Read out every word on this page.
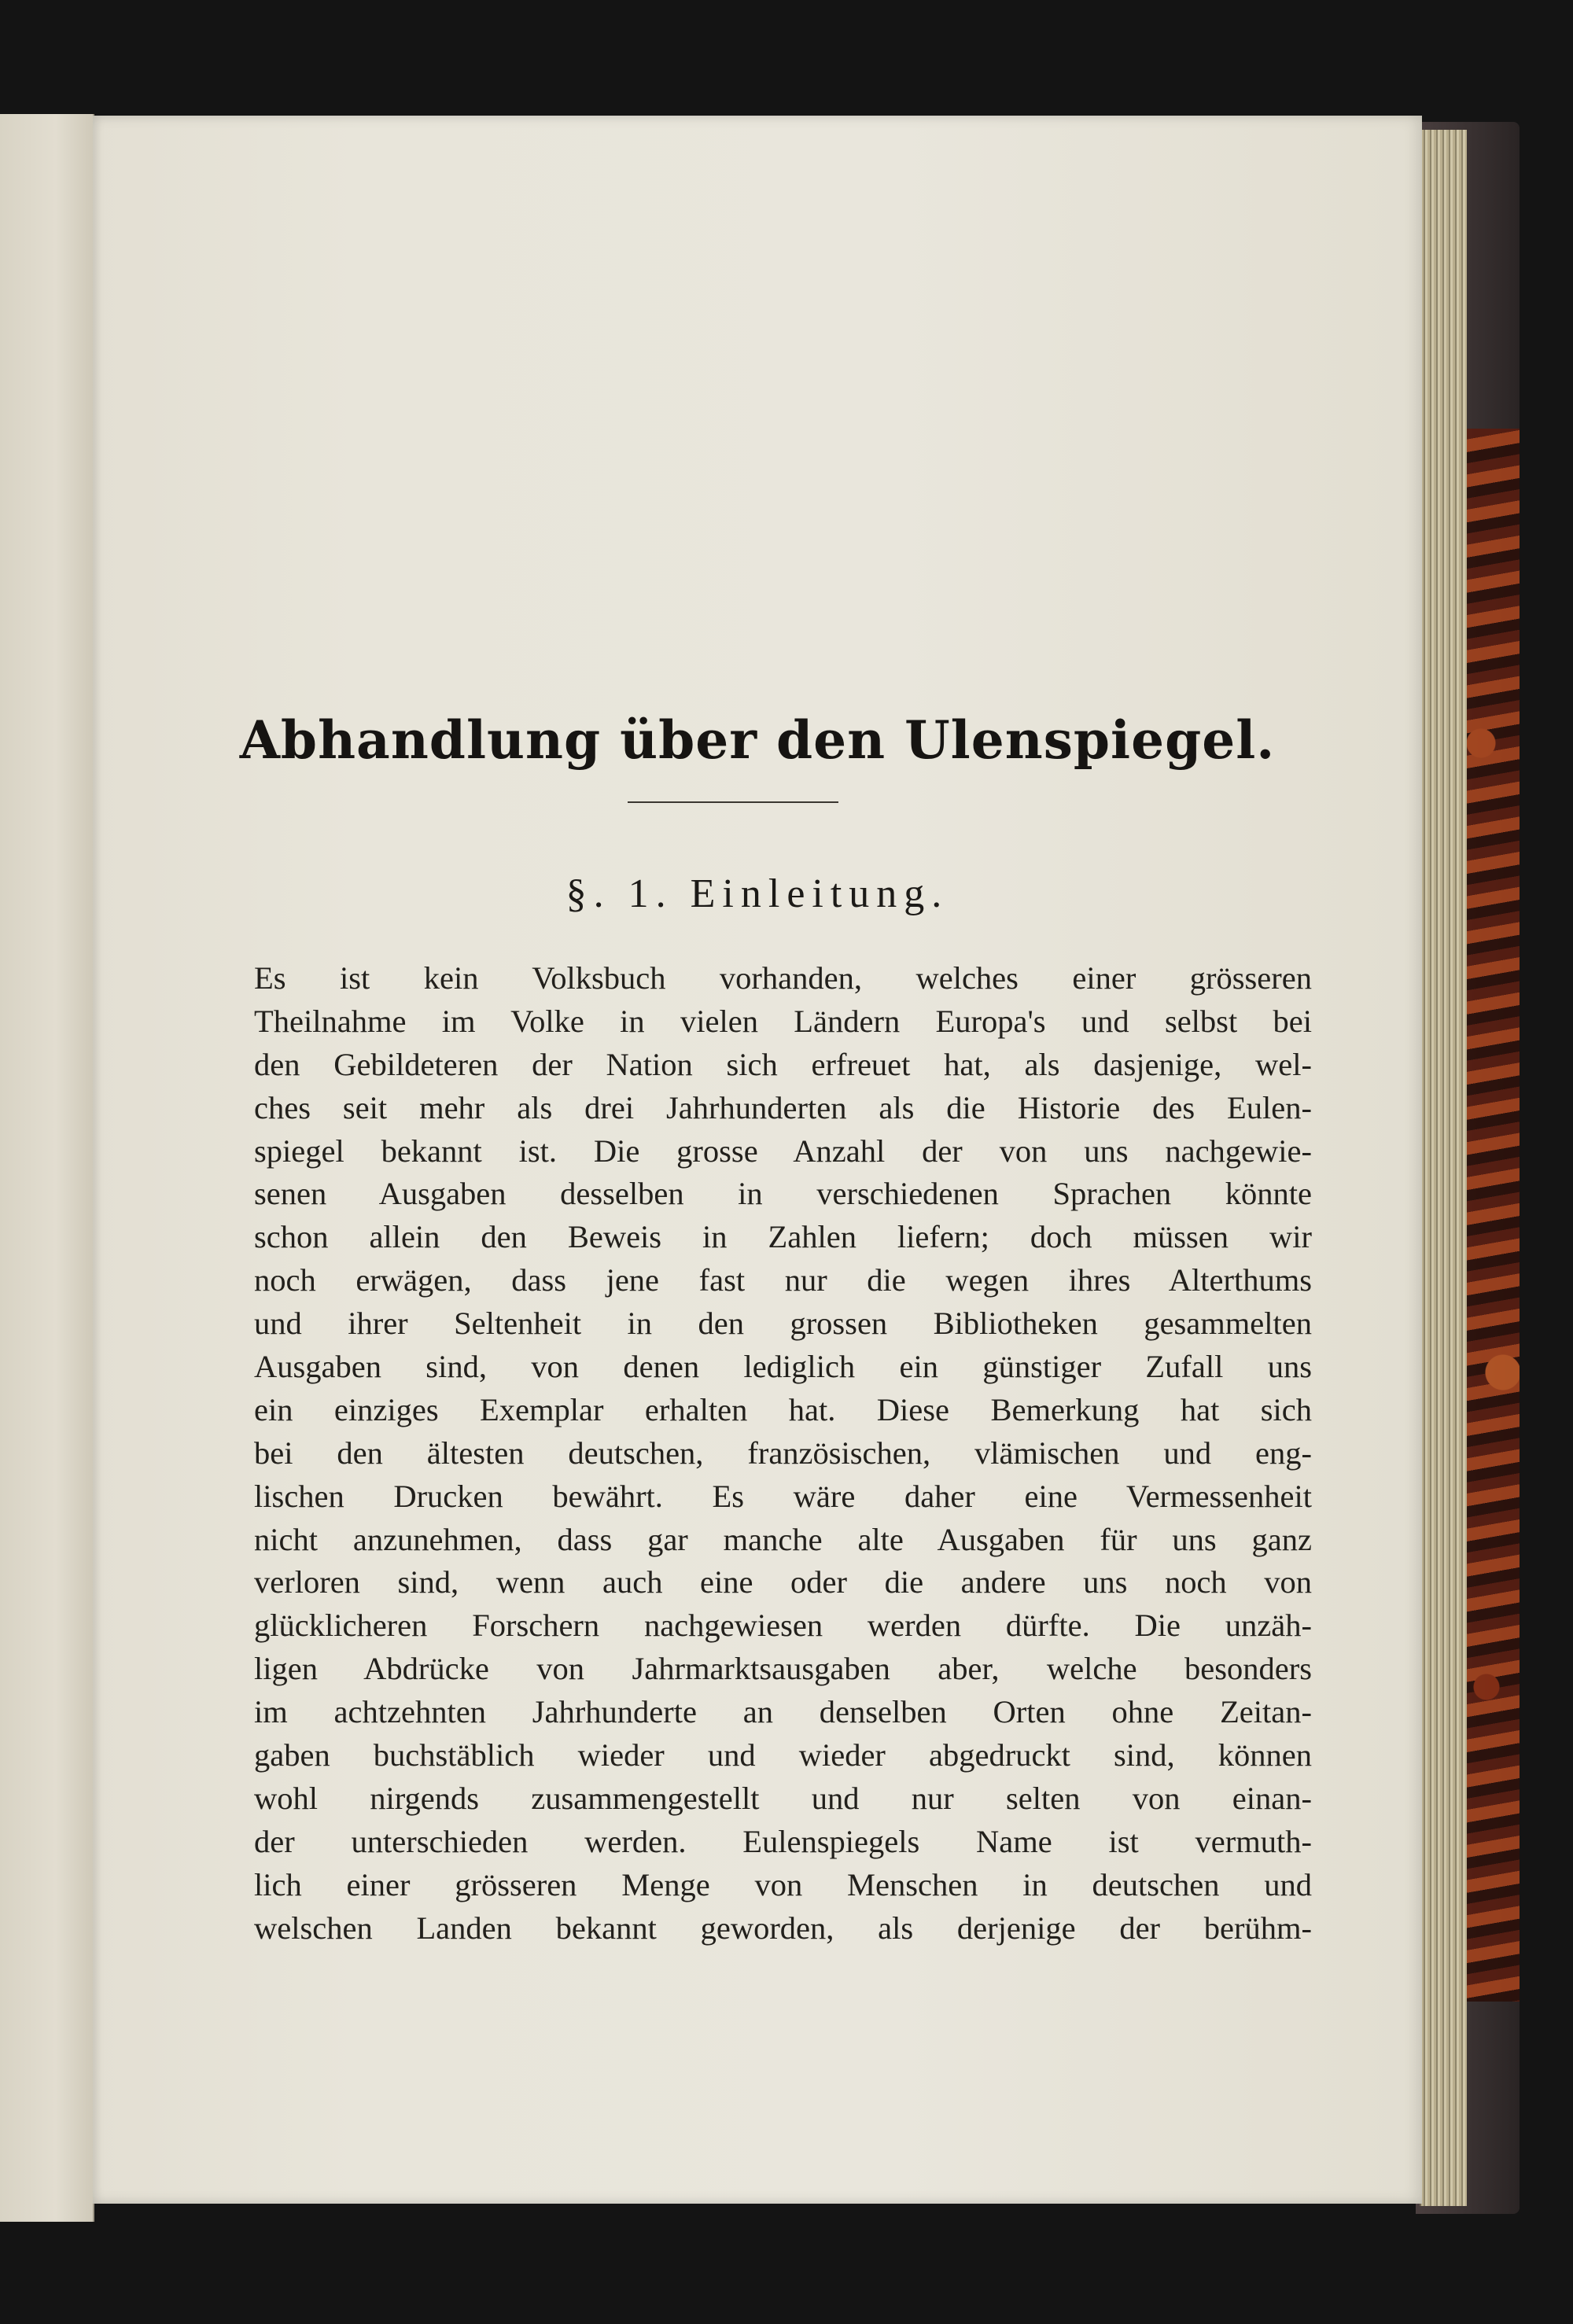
Abhandlung über den Ulenspiegel.
§. 1. Einleitung.
Es ist kein Volksbuch vorhanden, welches einer grösseren
Theilnahme im Volke in vielen Ländern Europa's und selbst bei
den Gebildeteren der Nation sich erfreuet hat, als dasjenige, wel-
ches seit mehr als drei Jahrhunderten als die Historie des Eulen-
spiegel bekannt ist. Die grosse Anzahl der von uns nachgewie-
senen Ausgaben desselben in verschiedenen Sprachen könnte
schon allein den Beweis in Zahlen liefern; doch müssen wir
noch erwägen, dass jene fast nur die wegen ihres Alterthums
und ihrer Seltenheit in den grossen Bibliotheken gesammelten
Ausgaben sind, von denen lediglich ein günstiger Zufall uns
ein einziges Exemplar erhalten hat. Diese Bemerkung hat sich
bei den ältesten deutschen, französischen, vlämischen und eng-
lischen Drucken bewährt. Es wäre daher eine Vermessenheit
nicht anzunehmen, dass gar manche alte Ausgaben für uns ganz
verloren sind, wenn auch eine oder die andere uns noch von
glücklicheren Forschern nachgewiesen werden dürfte. Die unzäh-
ligen Abdrücke von Jahrmarktsausgaben aber, welche besonders
im achtzehnten Jahrhunderte an denselben Orten ohne Zeitan-
gaben buchstäblich wieder und wieder abgedruckt sind, können
wohl nirgends zusammengestellt und nur selten von einan-
der unterschieden werden. Eulenspiegels Name ist vermuth-
lich einer grösseren Menge von Menschen in deutschen und
welschen Landen bekannt geworden, als derjenige der berühm-
